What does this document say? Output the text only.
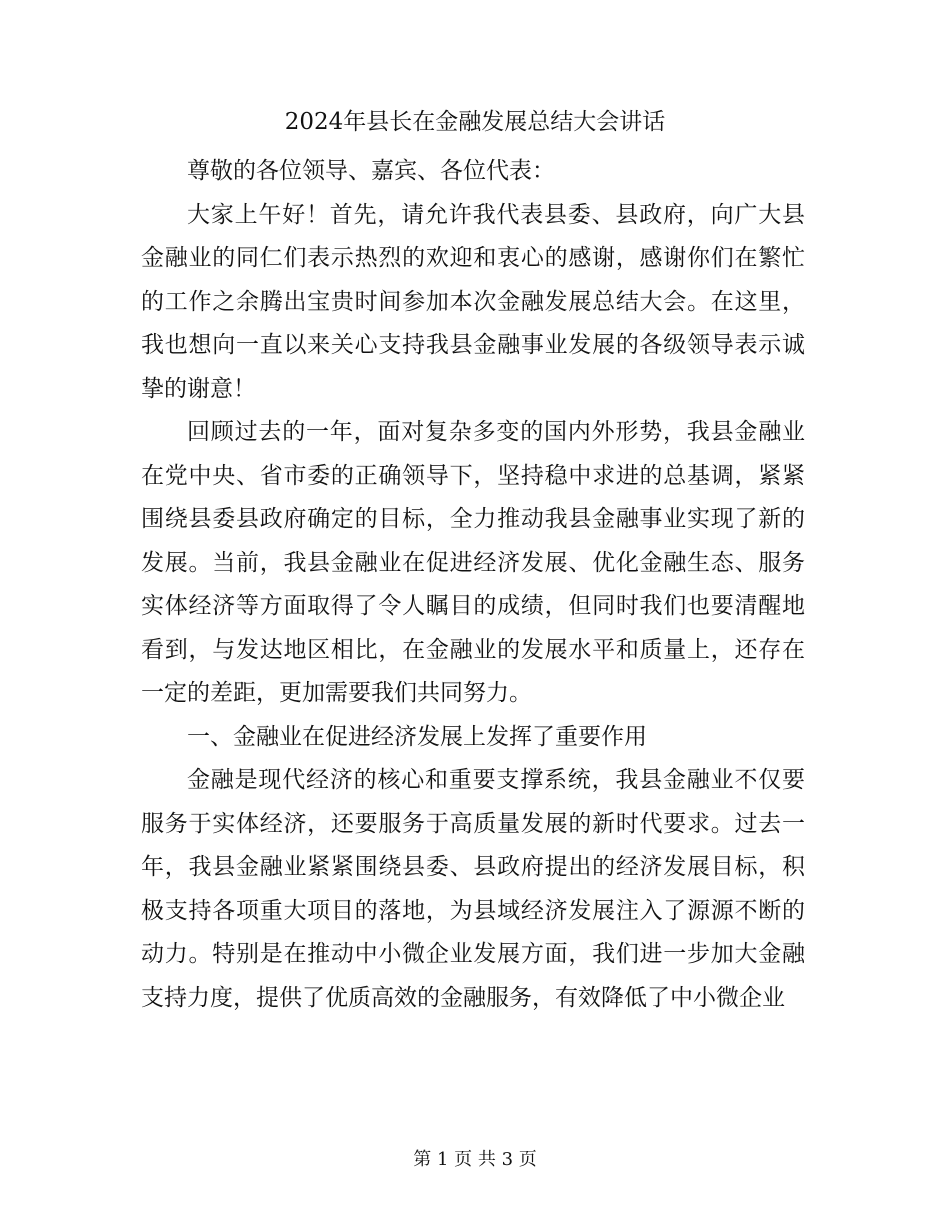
2024年县长在金融发展总结大会讲话

尊敬的各位领导、嘉宾、各位代表：

大家上午好！首先，请允许我代表县委、县政府，向广大县金融业的同仁们表示热烈的欢迎和衷心的感谢，感谢你们在繁忙的工作之余腾出宝贵时间参加本次金融发展总结大会。在这里，我也想向一直以来关心支持我县金融事业发展的各级领导表示诚挚的谢意！

回顾过去的一年，面对复杂多变的国内外形势，我县金融业在党中央、省市委的正确领导下，坚持稳中求进的总基调，紧紧围绕县委县政府确定的目标，全力推动我县金融事业实现了新的发展。当前，我县金融业在促进经济发展、优化金融生态、服务实体经济等方面取得了令人瞩目的成绩，但同时我们也要清醒地看到，与发达地区相比，在金融业的发展水平和质量上，还存在一定的差距，更加需要我们共同努力。

一、金融业在促进经济发展上发挥了重要作用

金融是现代经济的核心和重要支撑系统，我县金融业不仅要服务于实体经济，还要服务于高质量发展的新时代要求。过去一年，我县金融业紧紧围绕县委、县政府提出的经济发展目标，积极支持各项重大项目的落地，为县域经济发展注入了源源不断的动力。特别是在推动中小微企业发展方面，我们进一步加大金融支持力度，提供了优质高效的金融服务，有效降低了中小微企业

第 1 页 共 3 页
